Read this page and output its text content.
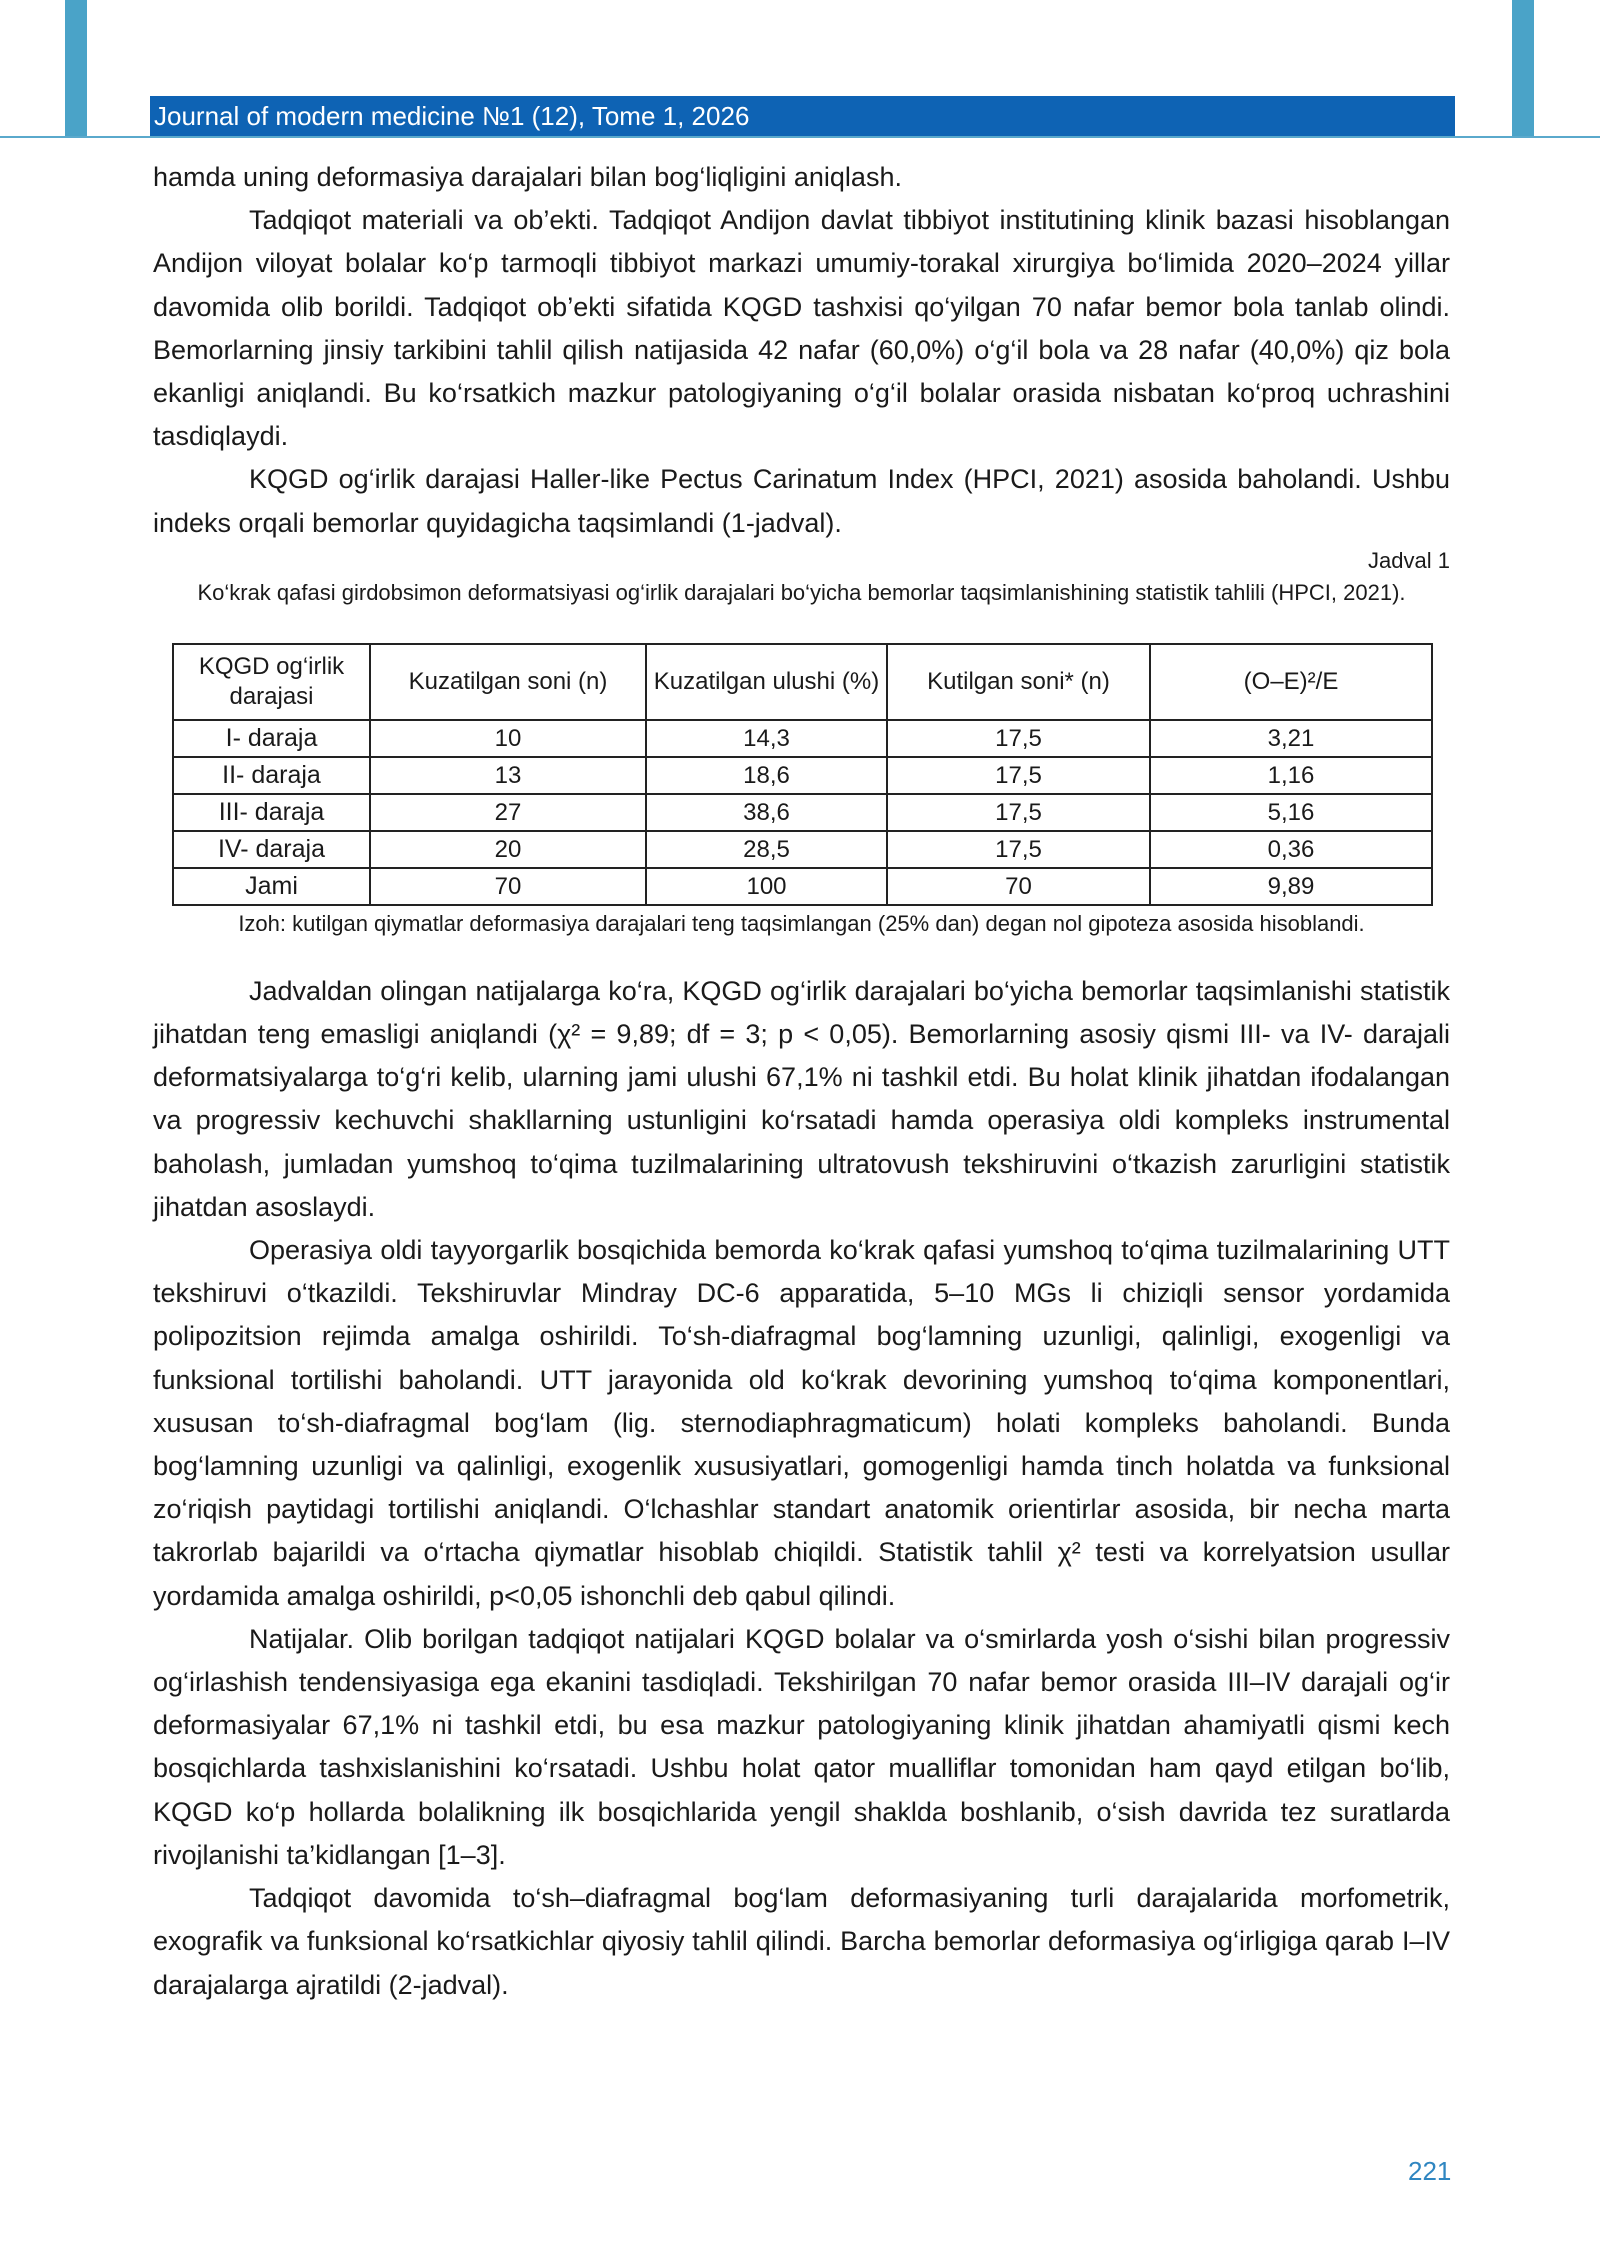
Journal of modern medicine №1 (12), Tome 1, 2026

hamda uning deformasiya darajalari bilan bog‘liqligini aniqlash.

Tadqiqot materiali va ob’ekti. Tadqiqot Andijon davlat tibbiyot institutining klinik bazasi hisoblangan Andijon viloyat bolalar ko‘p tarmoqli tibbiyot markazi umumiy-torakal xirurgiya bo‘limida 2020–2024 yillar davomida olib borildi. Tadqiqot ob’ekti sifatida KQGD tashxisi qo‘yilgan 70 nafar bemor bola tanlab olindi. Bemorlarning jinsiy tarkibini tahlil qilish natijasida 42 nafar (60,0%) o‘g‘il bola va 28 nafar (40,0%) qiz bola ekanligi aniqlandi. Bu ko‘rsatkich mazkur patologiyaning o‘g‘il bolalar orasida nisbatan ko‘proq uchrashini tasdiqlaydi.

KQGD og‘irlik darajasi Haller-like Pectus Carinatum Index (HPCI, 2021) asosida baholandi. Ushbu indeks orqali bemorlar quyidagicha taqsimlandi (1-jadval).

Jadval 1
Ko‘krak qafasi girdobsimon deformatsiyasi og‘irlik darajalari bo‘yicha bemorlar taqsimlanishining statistik tahlili (HPCI, 2021).
KQGD og‘irlik darajasi	Kuzatilgan soni (n)	Kuzatilgan ulushi (%)	Kutilgan soni* (n)	(O–E)²/E
I- daraja	10	14,3	17,5	3,21
II- daraja	13	18,6	17,5	1,16
III- daraja	27	38,6	17,5	5,16
IV- daraja	20	28,5	17,5	0,36
Jami	70	100	70	9,89
Izoh: kutilgan qiymatlar deformasiya darajalari teng taqsimlangan (25% dan) degan nol gipoteza asosida hisoblandi.

Jadvaldan olingan natijalarga ko‘ra, KQGD og‘irlik darajalari bo‘yicha bemorlar taqsimlanishi statistik jihatdan teng emasligi aniqlandi (χ² = 9,89; df = 3; p < 0,05). Bemorlarning asosiy qismi III- va IV- darajali deformatsiyalarga to‘g‘ri kelib, ularning jami ulushi 67,1% ni tashkil etdi. Bu holat klinik jihatdan ifodalangan va progressiv kechuvchi shakllarning ustunligini ko‘rsatadi hamda operasiya oldi kompleks instrumental baholash, jumladan yumshoq to‘qima tuzilmalarining ultratovush tekshiruvini o‘tkazish zarurligini statistik jihatdan asoslaydi.

Operasiya oldi tayyorgarlik bosqichida bemorda ko‘krak qafasi yumshoq to‘qima tuzilmalarining UTT tekshiruvi o‘tkazildi. Tekshiruvlar Mindray DC-6 apparatida, 5–10 MGs li chiziqli sensor yordamida polipozitsion rejimda amalga oshirildi. To‘sh-diafragmal bog‘lamning uzunligi, qalinligi, exogenligi va funksional tortilishi baholandi. UTT jarayonida old ko‘krak devorining yumshoq to‘qima komponentlari, xususan to‘sh-diafragmal bog‘lam (lig. sternodiaphragmaticum) holati kompleks baholandi. Bunda bog‘lamning uzunligi va qalinligi, exogenlik xususiyatlari, gomogenligi hamda tinch holatda va funksional zo‘riqish paytidagi tortilishi aniqlandi. O‘lchashlar standart anatomik orientirlar asosida, bir necha marta takrorlab bajarildi va o‘rtacha qiymatlar hisoblab chiqildi. Statistik tahlil χ² testi va korrelyatsion usullar yordamida amalga oshirildi, p<0,05 ishonchli deb qabul qilindi.

Natijalar. Olib borilgan tadqiqot natijalari KQGD bolalar va o‘smirlarda yosh o‘sishi bilan progressiv og‘irlashish tendensiyasiga ega ekanini tasdiqladi. Tekshirilgan 70 nafar bemor orasida III–IV darajali og‘ir deformasiyalar 67,1% ni tashkil etdi, bu esa mazkur patologiyaning klinik jihatdan ahamiyatli qismi kech bosqichlarda tashxislanishini ko‘rsatadi. Ushbu holat qator mualliflar tomonidan ham qayd etilgan bo‘lib, KQGD ko‘p hollarda bolalikning ilk bosqichlarida yengil shaklda boshlanib, o‘sish davrida tez suratlarda rivojlanishi ta’kidlangan [1–3].

Tadqiqot davomida to‘sh–diafragmal bog‘lam deformasiyaning turli darajalarida morfometrik, exografik va funksional ko‘rsatkichlar qiyosiy tahlil qilindi. Barcha bemorlar deformasiya og‘irligiga qarab I–IV darajalarga ajratildi (2-jadval).

221
